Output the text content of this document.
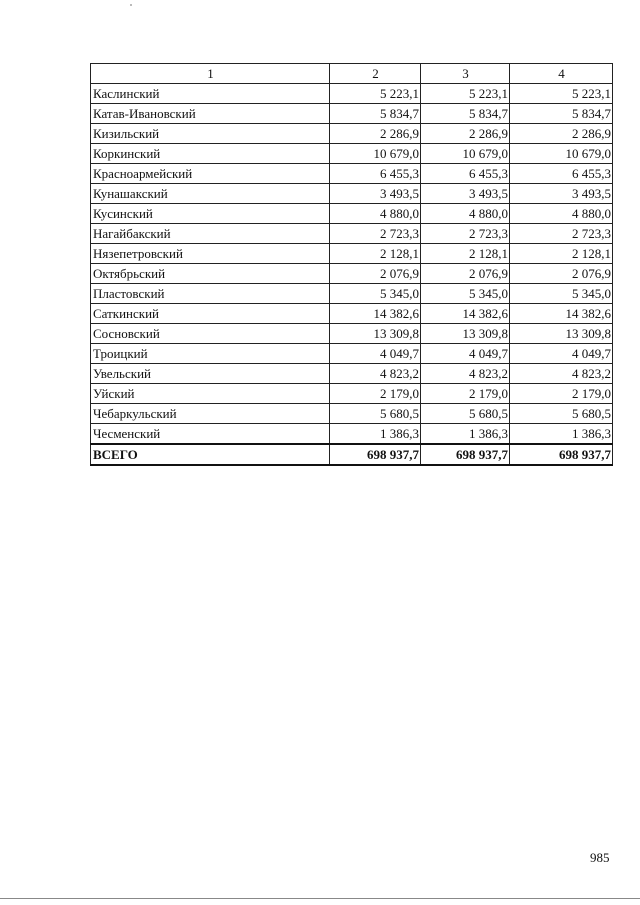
1	2	3	4
Каслинский	5 223,1	5 223,1	5 223,1
Катав-Ивановский	5 834,7	5 834,7	5 834,7
Кизильский	2 286,9	2 286,9	2 286,9
Коркинский	10 679,0	10 679,0	10 679,0
Красноармейский	6 455,3	6 455,3	6 455,3
Кунашакский	3 493,5	3 493,5	3 493,5
Кусинский	4 880,0	4 880,0	4 880,0
Нагайбакский	2 723,3	2 723,3	2 723,3
Нязепетровский	2 128,1	2 128,1	2 128,1
Октябрьский	2 076,9	2 076,9	2 076,9
Пластовский	5 345,0	5 345,0	5 345,0
Саткинский	14 382,6	14 382,6	14 382,6
Сосновский	13 309,8	13 309,8	13 309,8
Троицкий	4 049,7	4 049,7	4 049,7
Увельский	4 823,2	4 823,2	4 823,2
Уйский	2 179,0	2 179,0	2 179,0
Чебаркульский	5 680,5	5 680,5	5 680,5
Чесменский	1 386,3	1 386,3	1 386,3
ВСЕГО	698 937,7	698 937,7	698 937,7
985
